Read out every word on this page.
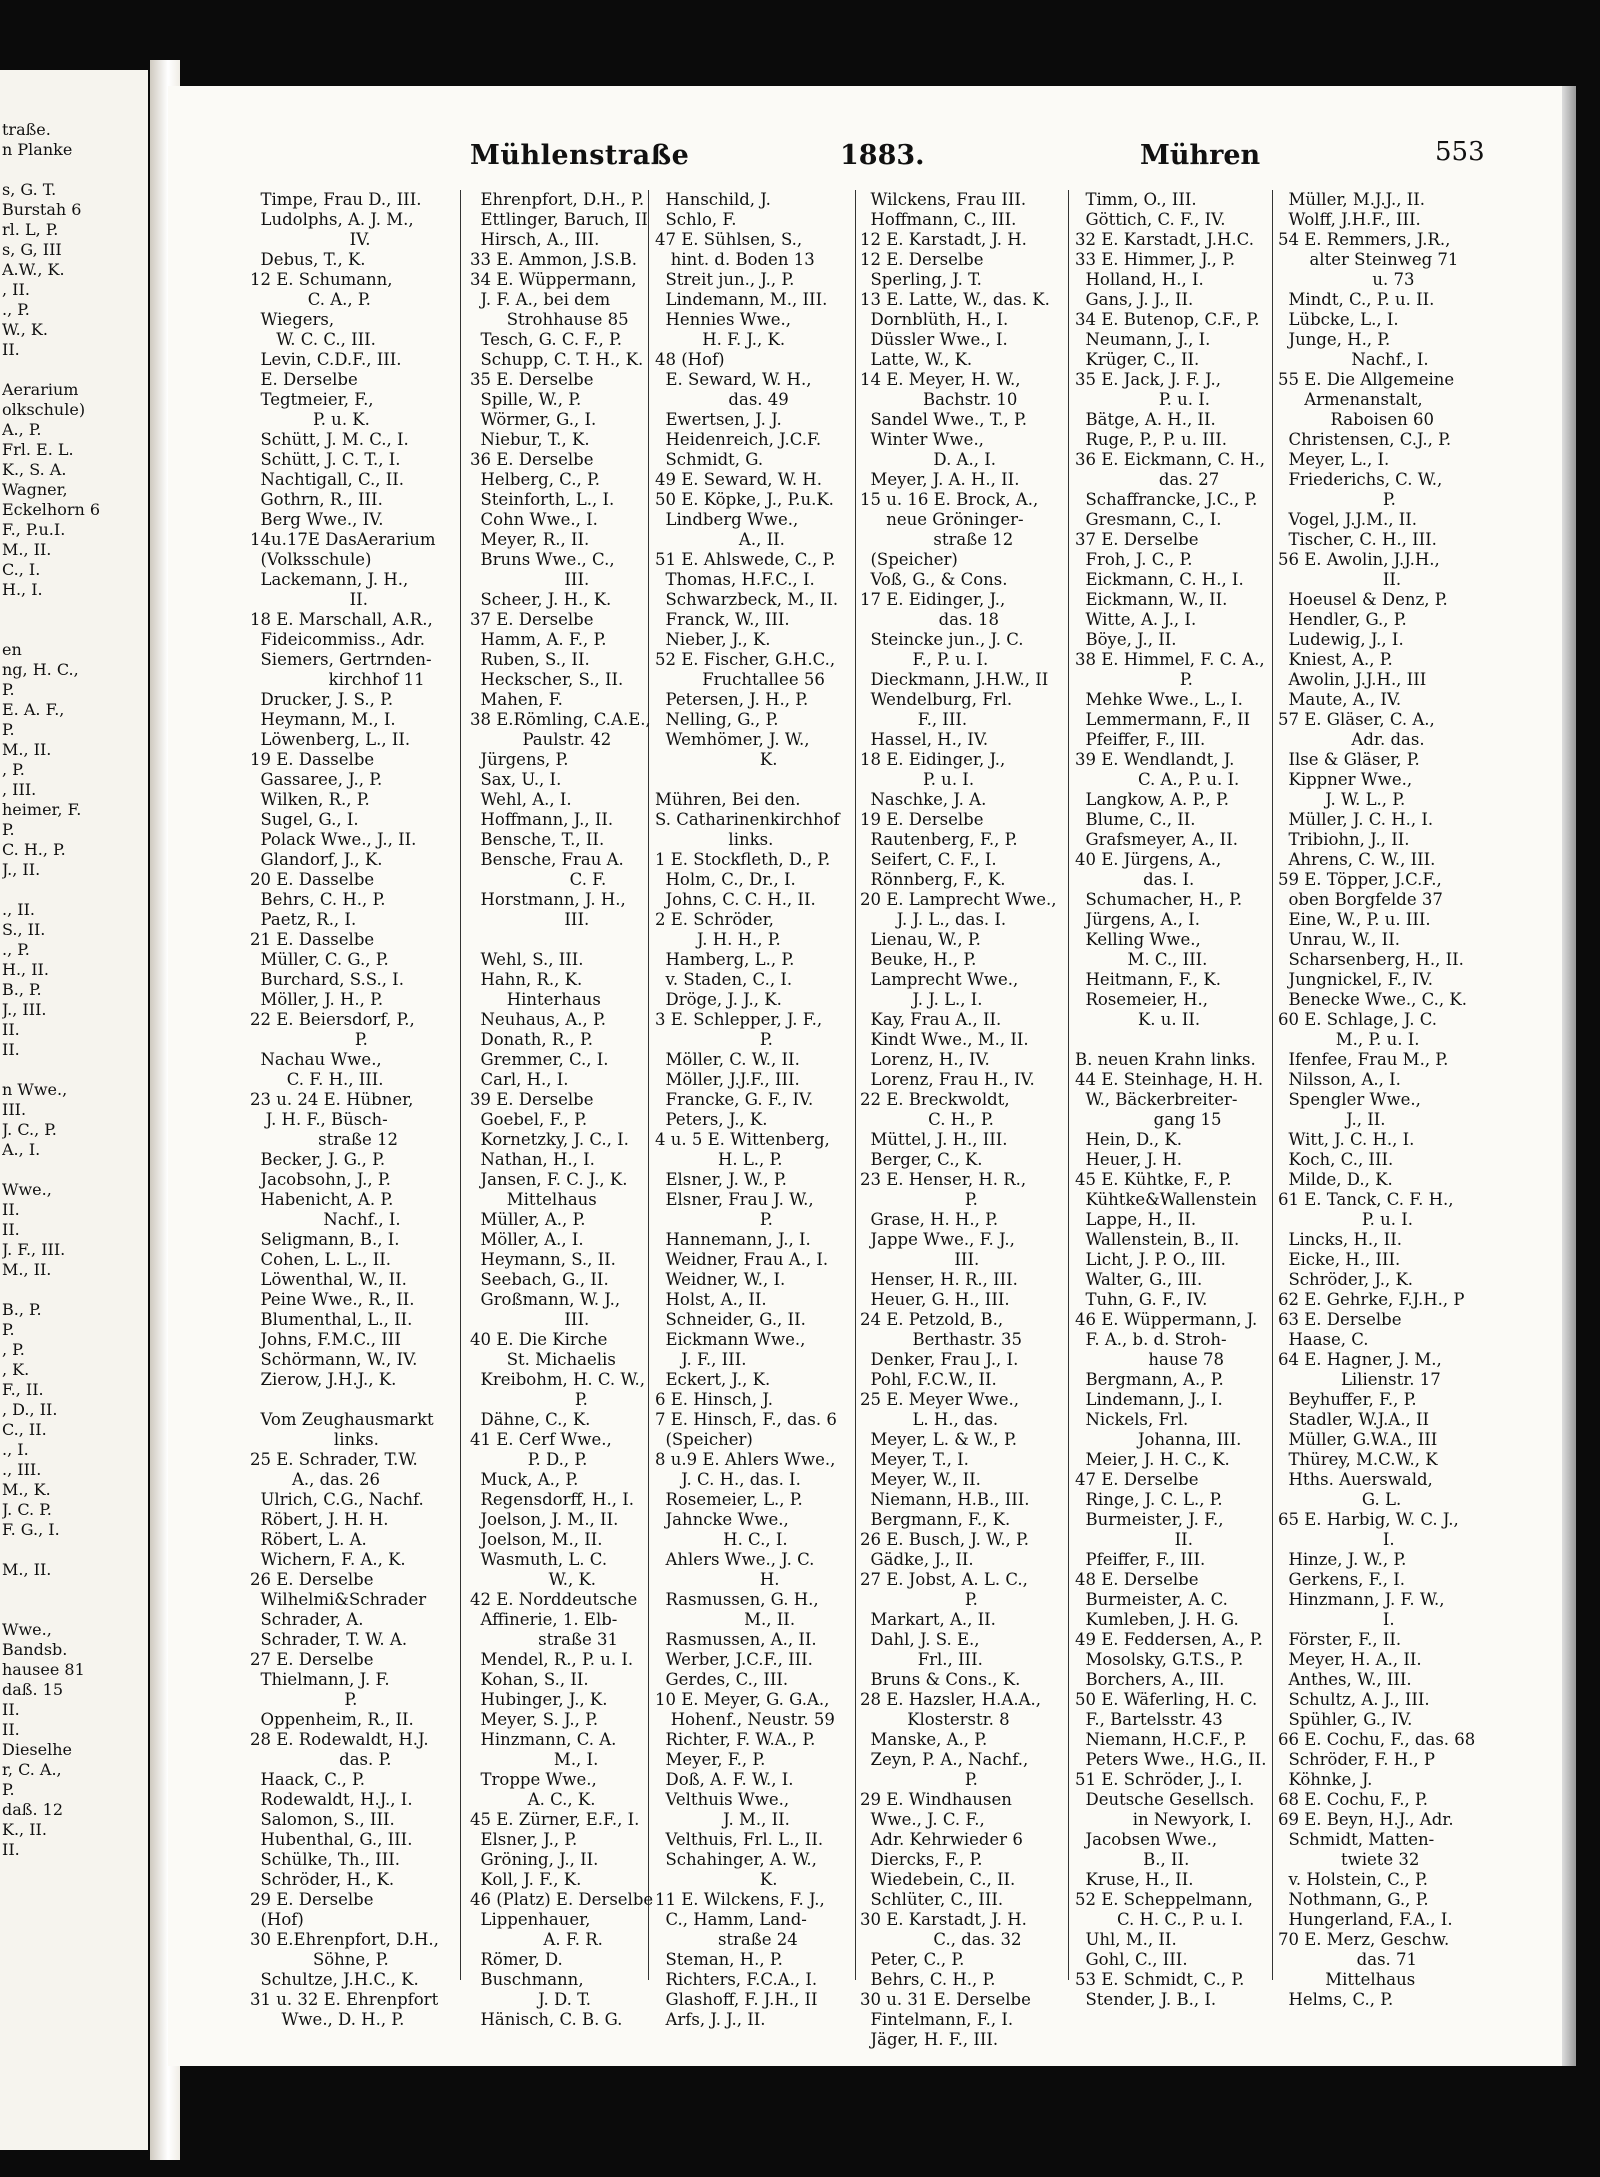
traße.
n Planke
s, G. T.
Burstah 6
rl. L, P.
s, G, III
A.W., K.
, II.
., P.
W., K.
II.
Aerarium
olkschule)
A., P.
Frl. E. L.
K., S. A.
Wagner,
Eckelhorn 6
F., P.u.I.
M., II.
C., I.
H., I.
en
ng, H. C.,
P.
E. A. F.,
P.
M., II.
, P.
, III.
heimer, F.
P.
C. H., P.
J., II.
., II.
S., II.
., P.
H., II.
B., P.
J., III.
II.
II.
n Wwe.,
III.
J. C., P.
A., I.
Wwe.,
II.
II.
J. F., III.
M., II.
B., P.
P.
, P.
, K.
F., II.
, D., II.
C., II.
., I.
., III.
M., K.
J. C. P.
F. G., I.
M., II.
Wwe.,
Bandsb.
hausee 81
daß. 15
II.
II.
Dieselhe
r, C. A.,
P.
daß. 12
K., II.
II.
Mühlenstraße	1883.	Mühren	553
Timpe, Frau D., III.
Ludolphs, A. J. M.,
IV.
Debus, T., K.
12 E. Schumann,
C. A., P.
Wiegers,
W. C. C., III.
Levin, C.D.F., III.
E. Derselbe
Tegtmeier, F.,
P. u. K.
Schütt, J. M. C., I.
Schütt, J. C. T., I.
Nachtigall, C., II.
Gothrn, R., III.
Berg Wwe., IV.
14u.17E DasAerarium
(Volksschule)
Lackemann, J. H.,
II.
18 E. Marschall, A.R.,
Fideicommiss., Adr.
Siemers, Gertrnden-
kirchhof 11
Drucker, J. S., P.
Heymann, M., I.
Löwenberg, L., II.
19 E. Dasselbe
Gassaree, J., P.
Wilken, R., P.
Sugel, G., I.
Polack Wwe., J., II.
Glandorf, J., K.
20 E. Dasselbe
Behrs, C. H., P.
Paetz, R., I.
21 E. Dasselbe
Müller, C. G., P.
Burchard, S.S., I.
Möller, J. H., P.
22 E. Beiersdorf, P.,
P.
Nachau Wwe.,
C. F. H., III.
23 u. 24 E. Hübner,
J. H. F., Büsch-
straße 12
Becker, J. G., P.
Jacobsohn, J., P.
Habenicht, A. P.
Nachf., I.
Seligmann, B., I.
Cohen, L. L., II.
Löwenthal, W., II.
Peine Wwe., R., II.
Blumenthal, L., II.
Johns, F.M.C., III
Schörmann, W., IV.
Zierow, J.H.J., K.
Vom Zeughausmarkt
links.
25 E. Schrader, T.W.
A., das. 26
Ulrich, C.G., Nachf.
Röbert, J. H. H.
Röbert, L. A.
Wichern, F. A., K.
26 E. Derselbe
Wilhelmi&Schrader
Schrader, A.
Schrader, T. W. A.
27 E. Derselbe
Thielmann, J. F.
P.
Oppenheim, R., II.
28 E. Rodewaldt, H.J.
das. P.
Haack, C., P.
Rodewaldt, H.J., I.
Salomon, S., III.
Hubenthal, G., III.
Schülke, Th., III.
Schröder, H., K.
29 E. Derselbe
(Hof)
30 E.Ehrenpfort, D.H.,
Söhne, P.
Schultze, J.H.C., K.
31 u. 32 E. Ehrenpfort
Wwe., D. H., P.
Ehrenpfort, D.H., P.
Ettlinger, Baruch, II
Hirsch, A., III.
33 E. Ammon, J.S.B.
34 E. Wüppermann,
J. F. A., bei dem
Strohhause 85
Tesch, G. C. F., P.
Schupp, C. T. H., K.
35 E. Derselbe
Spille, W., P.
Wörmer, G., I.
Niebur, T., K.
36 E. Derselbe
Helberg, C., P.
Steinforth, L., I.
Cohn Wwe., I.
Meyer, R., II.
Bruns Wwe., C.,
III.
Scheer, J. H., K.
37 E. Derselbe
Hamm, A. F., P.
Ruben, S., II.
Heckscher, S., II.
Mahen, F.
38 E.Römling, C.A.E.,
Paulstr. 42
Jürgens, P.
Sax, U., I.
Wehl, A., I.
Hoffmann, J., II.
Bensche, T., II.
Bensche, Frau A.
C. F.
Horstmann, J. H.,
III.
Wehl, S., III.
Hahn, R., K.
Hinterhaus
Neuhaus, A., P.
Donath, R., P.
Gremmer, C., I.
Carl, H., I.
39 E. Derselbe
Goebel, F., P.
Kornetzky, J. C., I.
Nathan, H., I.
Jansen, F. C. J., K.
Mittelhaus
Müller, A., P.
Möller, A., I.
Heymann, S., II.
Seebach, G., II.
Großmann, W. J.,
III.
40 E. Die Kirche
St. Michaelis
Kreibohm, H. C. W.,
P.
Dähne, C., K.
41 E. Cerf Wwe.,
P. D., P.
Muck, A., P.
Regensdorff, H., I.
Joelson, J. M., II.
Joelson, M., II.
Wasmuth, L. C.
W., K.
42 E. Norddeutsche
Affinerie, 1. Elb-
straße 31
Mendel, R., P. u. I.
Kohan, S., II.
Hubinger, J., K.
Meyer, S. J., P.
Hinzmann, C. A.
M., I.
Troppe Wwe.,
A. C., K.
45 E. Zürner, E.F., I.
Elsner, J., P.
Gröning, J., II.
Koll, J. F., K.
46 (Platz) E. Derselbe
Lippenhauer,
A. F. R.
Römer, D.
Buschmann,
J. D. T.
Hänisch, C. B. G.
Hanschild, J.
Schlo, F.
47 E. Sühlsen, S.,
hint. d. Boden 13
Streit jun., J., P.
Lindemann, M., III.
Hennies Wwe.,
H. F. J., K.
48 (Hof)
E. Seward, W. H.,
das. 49
Ewertsen, J. J.
Heidenreich, J.C.F.
Schmidt, G.
49 E. Seward, W. H.
50 E. Köpke, J., P.u.K.
Lindberg Wwe.,
A., II.
51 E. Ahlswede, C., P.
Thomas, H.F.C., I.
Schwarzbeck, M., II.
Franck, W., III.
Nieber, J., K.
52 E. Fischer, G.H.C.,
Fruchtallee 56
Petersen, J. H., P.
Nelling, G., P.
Wemhömer, J. W.,
K.
Mühren, Bei den.
S. Catharinenkirchhof
links.
1 E. Stockfleth, D., P.
Holm, C., Dr., I.
Johns, C. C. H., II.
2 E. Schröder,
J. H. H., P.
Hamberg, L., P.
v. Staden, C., I.
Dröge, J. J., K.
3 E. Schlepper, J. F.,
P.
Möller, C. W., II.
Möller, J.J.F., III.
Francke, G. F., IV.
Peters, J., K.
4 u. 5 E. Wittenberg,
H. L., P.
Elsner, J. W., P.
Elsner, Frau J. W.,
P.
Hannemann, J., I.
Weidner, Frau A., I.
Weidner, W., I.
Holst, A., II.
Schneider, G., II.
Eickmann Wwe.,
J. F., III.
Eckert, J., K.
6 E. Hinsch, J.
7 E. Hinsch, F., das. 6
(Speicher)
8 u.9 E. Ahlers Wwe.,
J. C. H., das. I.
Rosemeier, L., P.
Jahncke Wwe.,
H. C., I.
Ahlers Wwe., J. C.
H.
Rasmussen, G. H.,
M., II.
Rasmussen, A., II.
Werber, J.C.F., III.
Gerdes, C., III.
10 E. Meyer, G. G.A.,
Hohenf., Neustr. 59
Richter, F. W.A., P.
Meyer, F., P.
Doß, A. F. W., I.
Velthuis Wwe.,
J. M., II.
Velthuis, Frl. L., II.
Schahinger, A. W.,
K.
11 E. Wilckens, F. J.,
C., Hamm, Land-
straße 24
Steman, H., P.
Richters, F.C.A., I.
Glashoff, F. J.H., II
Arfs, J. J., II.
Wilckens, Frau III.
Hoffmann, C., III.
12 E. Karstadt, J. H.
12 E. Derselbe
Sperling, J. T.
13 E. Latte, W., das. K.
Dornblüth, H., I.
Düssler Wwe., I.
Latte, W., K.
14 E. Meyer, H. W.,
Bachstr. 10
Sandel Wwe., T., P.
Winter Wwe.,
D. A., I.
Meyer, J. A. H., II.
15 u. 16 E. Brock, A.,
neue Gröninger-
straße 12
(Speicher)
Voß, G., & Cons.
17 E. Eidinger, J.,
das. 18
Steincke jun., J. C.
F., P. u. I.
Dieckmann, J.H.W., II
Wendelburg, Frl.
F., III.
Hassel, H., IV.
18 E. Eidinger, J.,
P. u. I.
Naschke, J. A.
19 E. Derselbe
Rautenberg, F., P.
Seifert, C. F., I.
Rönnberg, F., K.
20 E. Lamprecht Wwe.,
J. J. L., das. I.
Lienau, W., P.
Beuke, H., P.
Lamprecht Wwe.,
J. J. L., I.
Kay, Frau A., II.
Kindt Wwe., M., II.
Lorenz, H., IV.
Lorenz, Frau H., IV.
22 E. Breckwoldt,
C. H., P.
Müttel, J. H., III.
Berger, C., K.
23 E. Henser, H. R.,
P.
Grase, H. H., P.
Jappe Wwe., F. J.,
III.
Henser, H. R., III.
Heuer, G. H., III.
24 E. Petzold, B.,
Berthastr. 35
Denker, Frau J., I.
Pohl, F.C.W., II.
25 E. Meyer Wwe.,
L. H., das.
Meyer, L. & W., P.
Meyer, T., I.
Meyer, W., II.
Niemann, H.B., III.
Bergmann, F., K.
26 E. Busch, J. W., P.
Gädke, J., II.
27 E. Jobst, A. L. C.,
P.
Markart, A., II.
Dahl, J. S. E.,
Frl., III.
Bruns & Cons., K.
28 E. Hazsler, H.A.A.,
Klosterstr. 8
Manske, A., P.
Zeyn, P. A., Nachf.,
P.
29 E. Windhausen
Wwe., J. C. F.,
Adr. Kehrwieder 6
Diercks, F., P.
Wiedebein, C., II.
Schlüter, C., III.
30 E. Karstadt, J. H.
C., das. 32
Peter, C., P.
Behrs, C. H., P.
30 u. 31 E. Derselbe
Fintelmann, F., I.
Jäger, H. F., III.
Timm, O., III.
Göttich, C. F., IV.
32 E. Karstadt, J.H.C.
33 E. Himmer, J., P.
Holland, H., I.
Gans, J. J., II.
34 E. Butenop, C.F., P.
Neumann, J., I.
Krüger, C., II.
35 E. Jack, J. F. J.,
P. u. I.
Bätge, A. H., II.
Ruge, P., P. u. III.
36 E. Eickmann, C. H.,
das. 27
Schaffrancke, J.C., P.
Gresmann, C., I.
37 E. Derselbe
Froh, J. C., P.
Eickmann, C. H., I.
Eickmann, W., II.
Witte, A. J., I.
Böye, J., II.
38 E. Himmel, F. C. A.,
P.
Mehke Wwe., L., I.
Lemmermann, F., II
Pfeiffer, F., III.
39 E. Wendlandt, J.
C. A., P. u. I.
Langkow, A. P., P.
Blume, C., II.
Grafsmeyer, A., II.
40 E. Jürgens, A.,
das. I.
Schumacher, H., P.
Jürgens, A., I.
Kelling Wwe.,
M. C., III.
Heitmann, F., K.
Rosemeier, H.,
K. u. II.
B. neuen Krahn links.
44 E. Steinhage, H. H.
W., Bäckerbreiter-
gang 15
Hein, D., K.
Heuer, J. H.
45 E. Kühtke, F., P.
Kühtke&Wallenstein
Lappe, H., II.
Wallenstein, B., II.
Licht, J. P. O., III.
Walter, G., III.
Tuhn, G. F., IV.
46 E. Wüppermann, J.
F. A., b. d. Stroh-
hause 78
Bergmann, A., P.
Lindemann, J., I.
Nickels, Frl.
Johanna, III.
Meier, J. H. C., K.
47 E. Derselbe
Ringe, J. C. L., P.
Burmeister, J. F.,
II.
Pfeiffer, F., III.
48 E. Derselbe
Burmeister, A. C.
Kumleben, J. H. G.
49 E. Feddersen, A., P.
Mosolsky, G.T.S., P.
Borchers, A., III.
50 E. Wäferling, H. C.
F., Bartelsstr. 43
Niemann, H.C.F., P.
Peters Wwe., H.G., II.
51 E. Schröder, J., I.
Deutsche Gesellsch.
in Newyork, I.
Jacobsen Wwe.,
B., II.
Kruse, H., II.
52 E. Scheppelmann,
C. H. C., P. u. I.
Uhl, M., II.
Gohl, C., III.
53 E. Schmidt, C., P.
Stender, J. B., I.
Müller, M.J.J., II.
Wolff, J.H.F., III.
54 E. Remmers, J.R.,
alter Steinweg 71
u. 73
Mindt, C., P. u. II.
Lübcke, L., I.
Junge, H., P.
Nachf., I.
55 E. Die Allgemeine
Armenanstalt,
Raboisen 60
Christensen, C.J., P.
Meyer, L., I.
Friederichs, C. W.,
P.
Vogel, J.J.M., II.
Tischer, C. H., III.
56 E. Awolin, J.J.H.,
II.
Hoeusel & Denz, P.
Hendler, G., P.
Ludewig, J., I.
Kniest, A., P.
Awolin, J.J.H., III
Maute, A., IV.
57 E. Gläser, C. A.,
Adr. das.
Ilse & Gläser, P.
Kippner Wwe.,
J. W. L., P.
Müller, J. C. H., I.
Tribiohn, J., II.
Ahrens, C. W., III.
59 E. Töpper, J.C.F.,
oben Borgfelde 37
Eine, W., P. u. III.
Unrau, W., II.
Scharsenberg, H., II.
Jungnickel, F., IV.
Benecke Wwe., C., K.
60 E. Schlage, J. C.
M., P. u. I.
Ifenfee, Frau M., P.
Nilsson, A., I.
Spengler Wwe.,
J., II.
Witt, J. C. H., I.
Koch, C., III.
Milde, D., K.
61 E. Tanck, C. F. H.,
P. u. I.
Lincks, H., II.
Eicke, H., III.
Schröder, J., K.
62 E. Gehrke, F.J.H., P
63 E. Derselbe
Haase, C.
64 E. Hagner, J. M.,
Lilienstr. 17
Beyhuffer, F., P.
Stadler, W.J.A., II
Müller, G.W.A., III
Thürey, M.C.W., K
Hths. Auerswald,
G. L.
65 E. Harbig, W. C. J.,
I.
Hinze, J. W., P.
Gerkens, F., I.
Hinzmann, J. F. W.,
I.
Förster, F., II.
Meyer, H. A., II.
Anthes, W., III.
Schultz, A. J., III.
Spühler, G., IV.
66 E. Cochu, F., das. 68
Schröder, F. H., P
Köhnke, J.
68 E. Cochu, F., P.
69 E. Beyn, H.J., Adr.
Schmidt, Matten-
twiete 32
v. Holstein, C., P.
Nothmann, G., P.
Hungerland, F.A., I.
70 E. Merz, Geschw.
das. 71
Mittelhaus
Helms, C., P.
